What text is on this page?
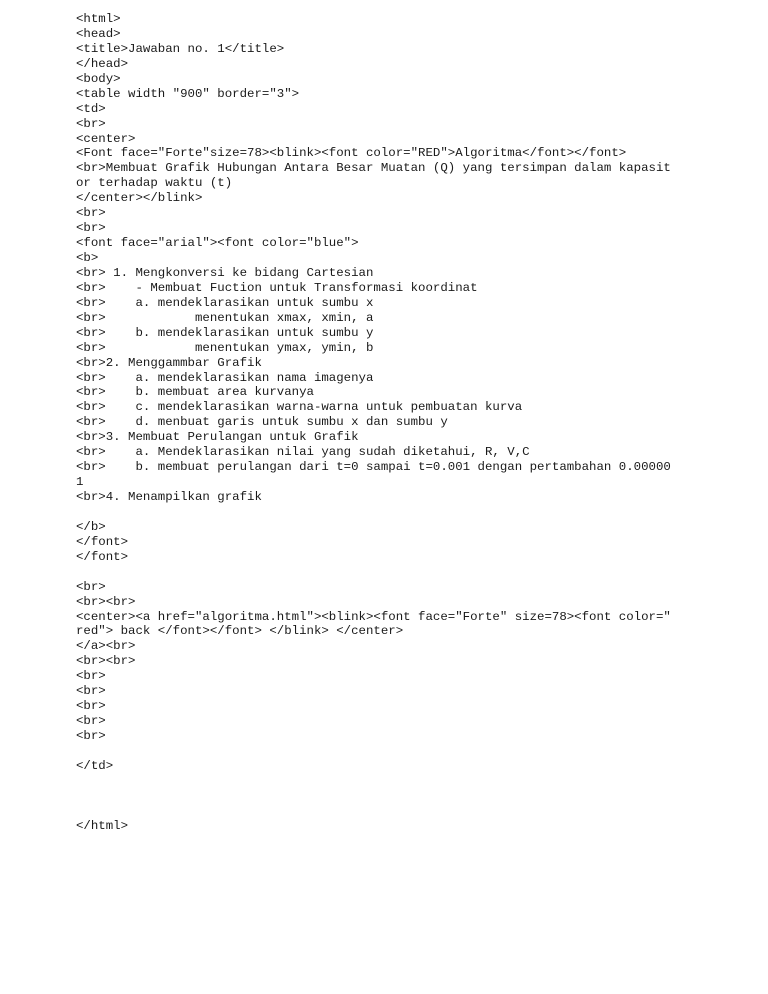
<html>
<head>
<title>Jawaban no. 1</title>
</head>
<body>
<table width "900" border="3">
<td>
<br>
<center>
<Font face="Forte"size=78><blink><font color="RED">Algoritma</font></font>
<br>Membuat Grafik Hubungan Antara Besar Muatan (Q) yang tersimpan dalam kapasit
or terhadap waktu (t)
</center></blink>
<br>
<br>
<font face="arial"><font color="blue">
<b>
<br> 1. Mengkonversi ke bidang Cartesian
<br>    - Membuat Fuction untuk Transformasi koordinat
<br>    a. mendeklarasikan untuk sumbu x
<br>            menentukan xmax, xmin, a
<br>    b. mendeklarasikan untuk sumbu y
<br>            menentukan ymax, ymin, b
<br>2. Menggammbar Grafik
<br>    a. mendeklarasikan nama imagenya
<br>    b. membuat area kurvanya
<br>    c. mendeklarasikan warna-warna untuk pembuatan kurva
<br>    d. menbuat garis untuk sumbu x dan sumbu y
<br>3. Membuat Perulangan untuk Grafik
<br>    a. Mendeklarasikan nilai yang sudah diketahui, R, V,C
<br>    b. membuat perulangan dari t=0 sampai t=0.001 dengan pertambahan 0.00000
1
<br>4. Menampilkan grafik
</b>
</font>
</font>
<br>
<br><br>
<center><a href="algoritma.html"><blink><font face="Forte" size=78><font color="
red"> back </font></font> </blink> </center>
</a><br>
<br><br>
<br>
<br>
<br>
<br>
<br>
</td>
</html>
